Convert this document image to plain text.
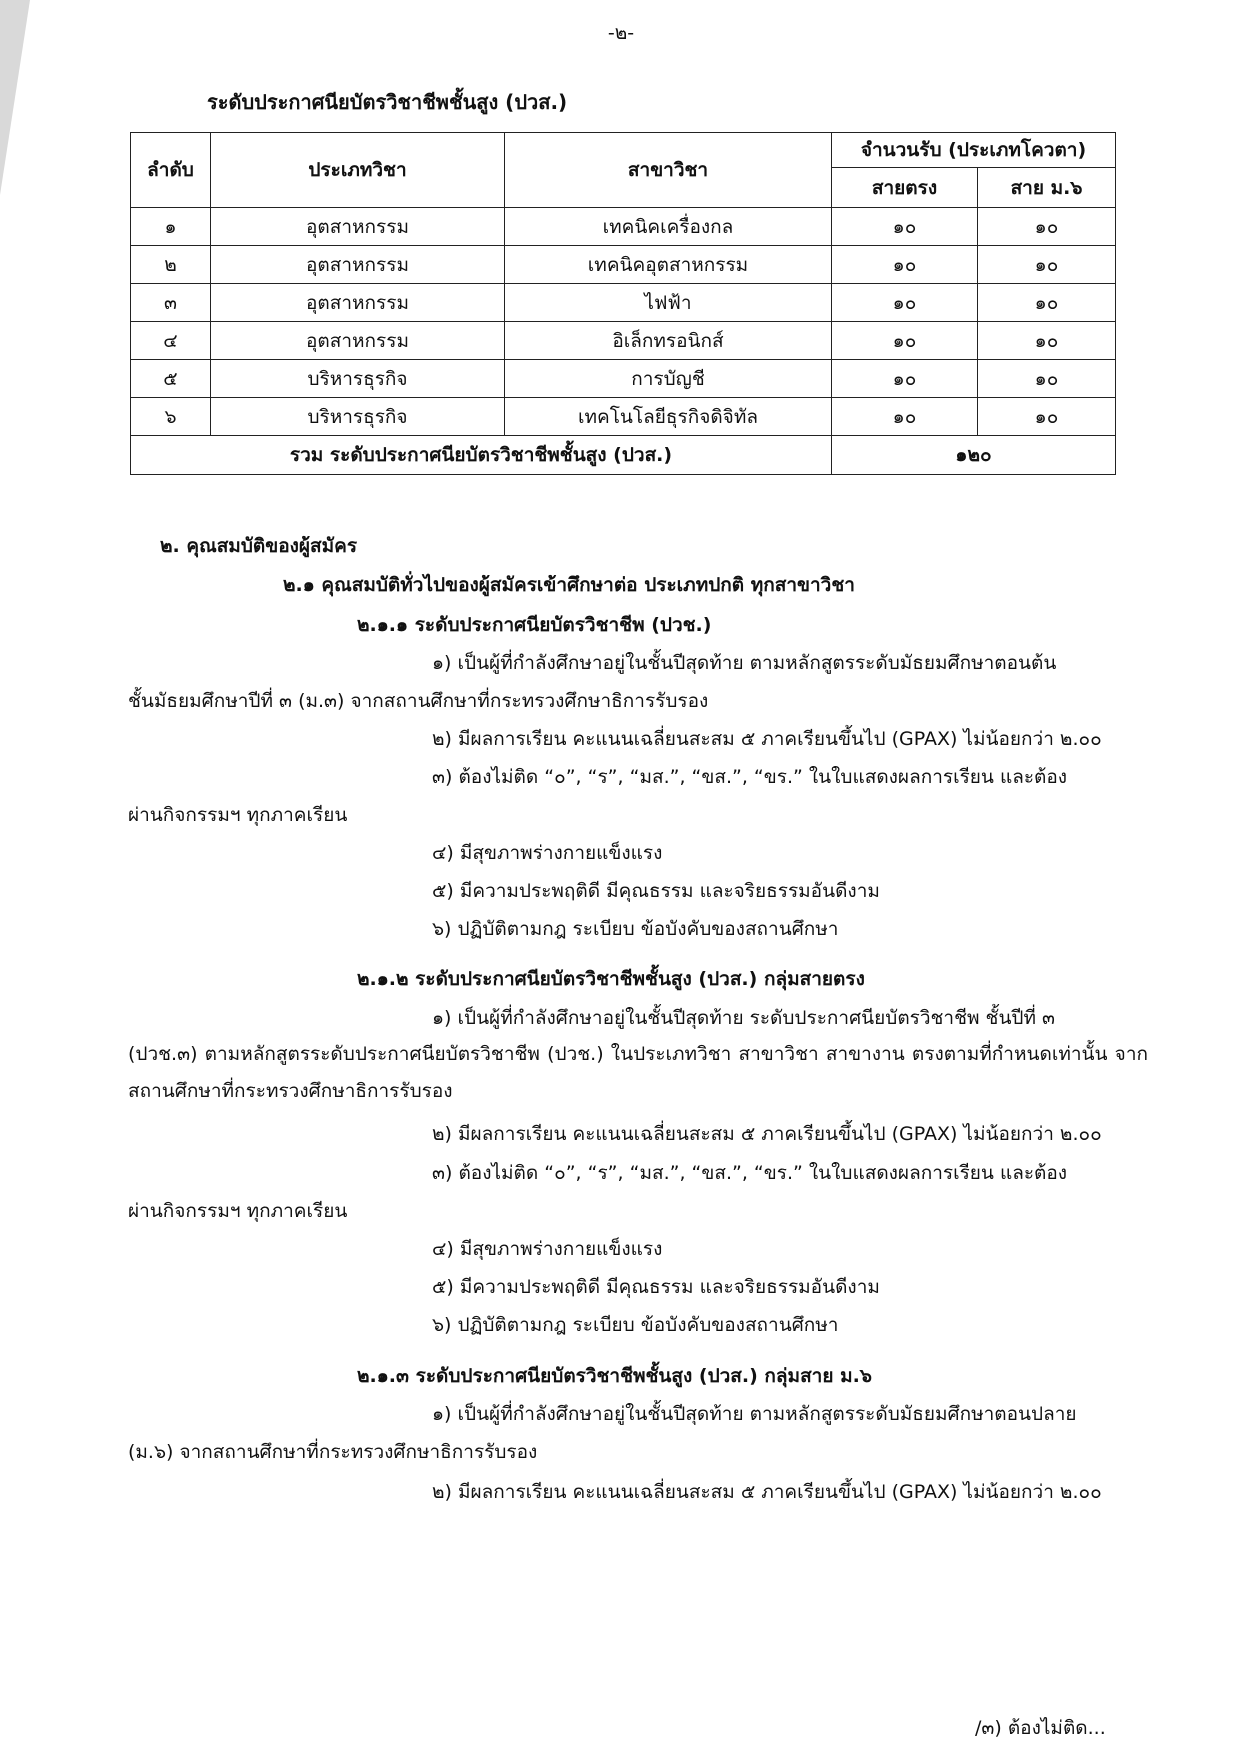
-๒-
ระดับประกาศนียบัตรวิชาชีพชั้นสูง (ปวส.)
ลำดับ	ประเภทวิชา	สาขาวิชา	จำนวนรับ (ประเภทโควตา)	
			สายตรง	สาย ม.๖
๑	อุตสาหกรรม	เทคนิคเครื่องกล	๑๐	๑๐
๒	อุตสาหกรรม	เทคนิคอุตสาหกรรม	๑๐	๑๐
๓	อุตสาหกรรม	ไฟฟ้า	๑๐	๑๐
๔	อุตสาหกรรม	อิเล็กทรอนิกส์	๑๐	๑๐
๕	บริหารธุรกิจ	การบัญชี	๑๐	๑๐
๖	บริหารธุรกิจ	เทคโนโลยีธุรกิจดิจิทัล	๑๐	๑๐
รวม ระดับประกาศนียบัตรวิชาชีพชั้นสูง (ปวส.)			๑๒๐	
๒. คุณสมบัติของผู้สมัคร
๒.๑ คุณสมบัติทั่วไปของผู้สมัครเข้าศึกษาต่อ ประเภทปกติ ทุกสาขาวิชา
๒.๑.๑ ระดับประกาศนียบัตรวิชาชีพ (ปวช.)
๑) เป็นผู้ที่กำลังศึกษาอยู่ในชั้นปีสุดท้าย ตามหลักสูตรระดับมัธยมศึกษาตอนต้น
ชั้นมัธยมศึกษาปีที่ ๓ (ม.๓) จากสถานศึกษาที่กระทรวงศึกษาธิการรับรอง
๒) มีผลการเรียน คะแนนเฉลี่ยนสะสม ๕ ภาคเรียนขึ้นไป (GPAX) ไม่น้อยกว่า ๒.๐๐
๓) ต้องไม่ติด “๐”, “ร”, “มส.”, “ขส.”, “ขร.” ในใบแสดงผลการเรียน และต้อง
ผ่านกิจกรรมฯ ทุกภาคเรียน
๔) มีสุขภาพร่างกายแข็งแรง
๕) มีความประพฤติดี มีคุณธรรม และจริยธรรมอันดีงาม
๖) ปฏิบัติตามกฎ ระเบียบ ข้อบังคับของสถานศึกษา
๒.๑.๒ ระดับประกาศนียบัตรวิชาชีพชั้นสูง (ปวส.) กลุ่มสายตรง
๑) เป็นผู้ที่กำลังศึกษาอยู่ในชั้นปีสุดท้าย ระดับประกาศนียบัตรวิชาชีพ ชั้นปีที่ ๓
(ปวช.๓) ตามหลักสูตรระดับประกาศนียบัตรวิชาชีพ (ปวช.) ในประเภทวิชา สาขาวิชา สาขางาน ตรงตามที่กำหนดเท่านั้น จากสถานศึกษาที่กระทรวงศึกษาธิการรับรอง
๒) มีผลการเรียน คะแนนเฉลี่ยนสะสม ๕ ภาคเรียนขึ้นไป (GPAX) ไม่น้อยกว่า ๒.๐๐
๓) ต้องไม่ติด “๐”, “ร”, “มส.”, “ขส.”, “ขร.” ในใบแสดงผลการเรียน และต้อง
ผ่านกิจกรรมฯ ทุกภาคเรียน
๔) มีสุขภาพร่างกายแข็งแรง
๕) มีความประพฤติดี มีคุณธรรม และจริยธรรมอันดีงาม
๖) ปฏิบัติตามกฎ ระเบียบ ข้อบังคับของสถานศึกษา
๒.๑.๓ ระดับประกาศนียบัตรวิชาชีพชั้นสูง (ปวส.) กลุ่มสาย ม.๖
๑) เป็นผู้ที่กำลังศึกษาอยู่ในชั้นปีสุดท้าย ตามหลักสูตรระดับมัธยมศึกษาตอนปลาย
(ม.๖) จากสถานศึกษาที่กระทรวงศึกษาธิการรับรอง
๒) มีผลการเรียน คะแนนเฉลี่ยนสะสม ๕ ภาคเรียนขึ้นไป (GPAX) ไม่น้อยกว่า ๒.๐๐
/๓) ต้องไม่ติด...
